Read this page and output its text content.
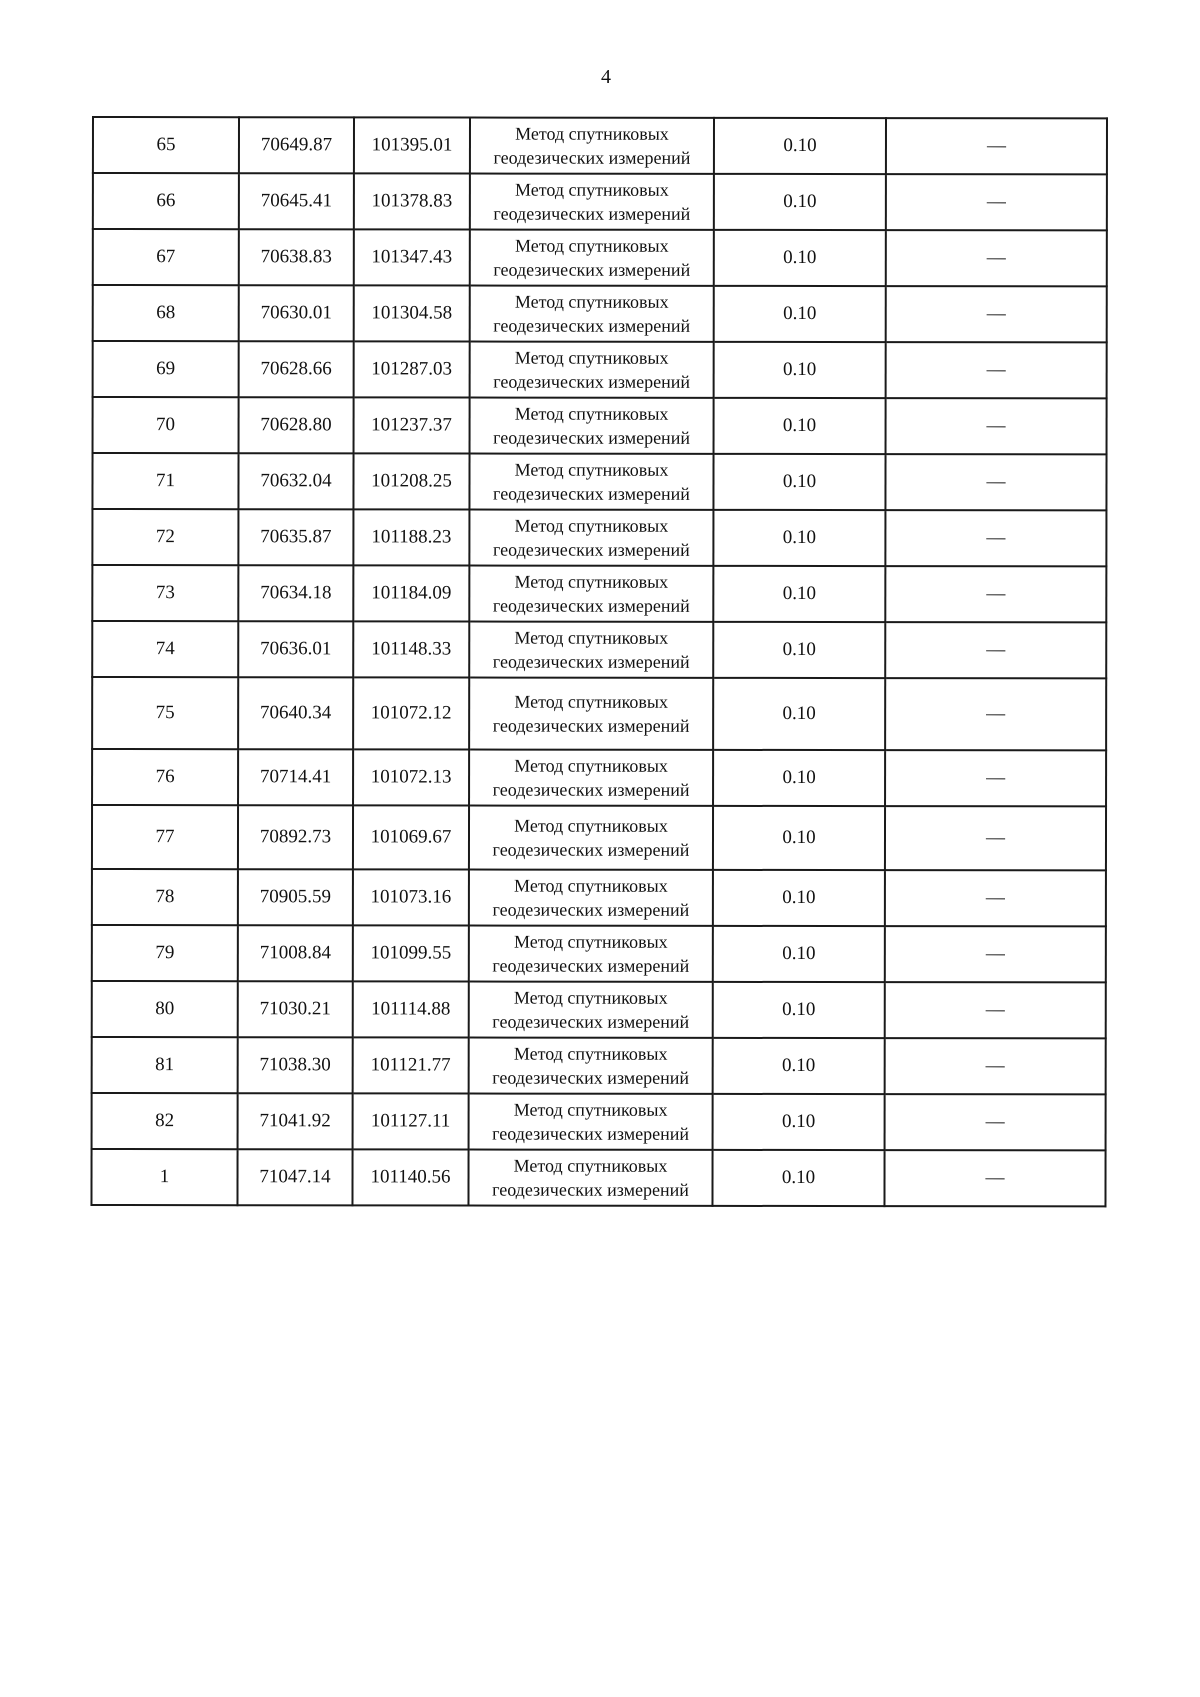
4
65	70649.87	101395.01	Метод спутниковых
геодезических измерений	0.10	—
66	70645.41	101378.83	Метод спутниковых
геодезических измерений	0.10	—
67	70638.83	101347.43	Метод спутниковых
геодезических измерений	0.10	—
68	70630.01	101304.58	Метод спутниковых
геодезических измерений	0.10	—
69	70628.66	101287.03	Метод спутниковых
геодезических измерений	0.10	—
70	70628.80	101237.37	Метод спутниковых
геодезических измерений	0.10	—
71	70632.04	101208.25	Метод спутниковых
геодезических измерений	0.10	—
72	70635.87	101188.23	Метод спутниковых
геодезических измерений	0.10	—
73	70634.18	101184.09	Метод спутниковых
геодезических измерений	0.10	—
74	70636.01	101148.33	Метод спутниковых
геодезических измерений	0.10	—
75	70640.34	101072.12	Метод спутниковых
геодезических измерений	0.10	—
76	70714.41	101072.13	Метод спутниковых
геодезических измерений	0.10	—
77	70892.73	101069.67	Метод спутниковых
геодезических измерений	0.10	—
78	70905.59	101073.16	Метод спутниковых
геодезических измерений	0.10	—
79	71008.84	101099.55	Метод спутниковых
геодезических измерений	0.10	—
80	71030.21	101114.88	Метод спутниковых
геодезических измерений	0.10	—
81	71038.30	101121.77	Метод спутниковых
геодезических измерений	0.10	—
82	71041.92	101127.11	Метод спутниковых
геодезических измерений	0.10	—
1	71047.14	101140.56	Метод спутниковых
геодезических измерений	0.10	—
